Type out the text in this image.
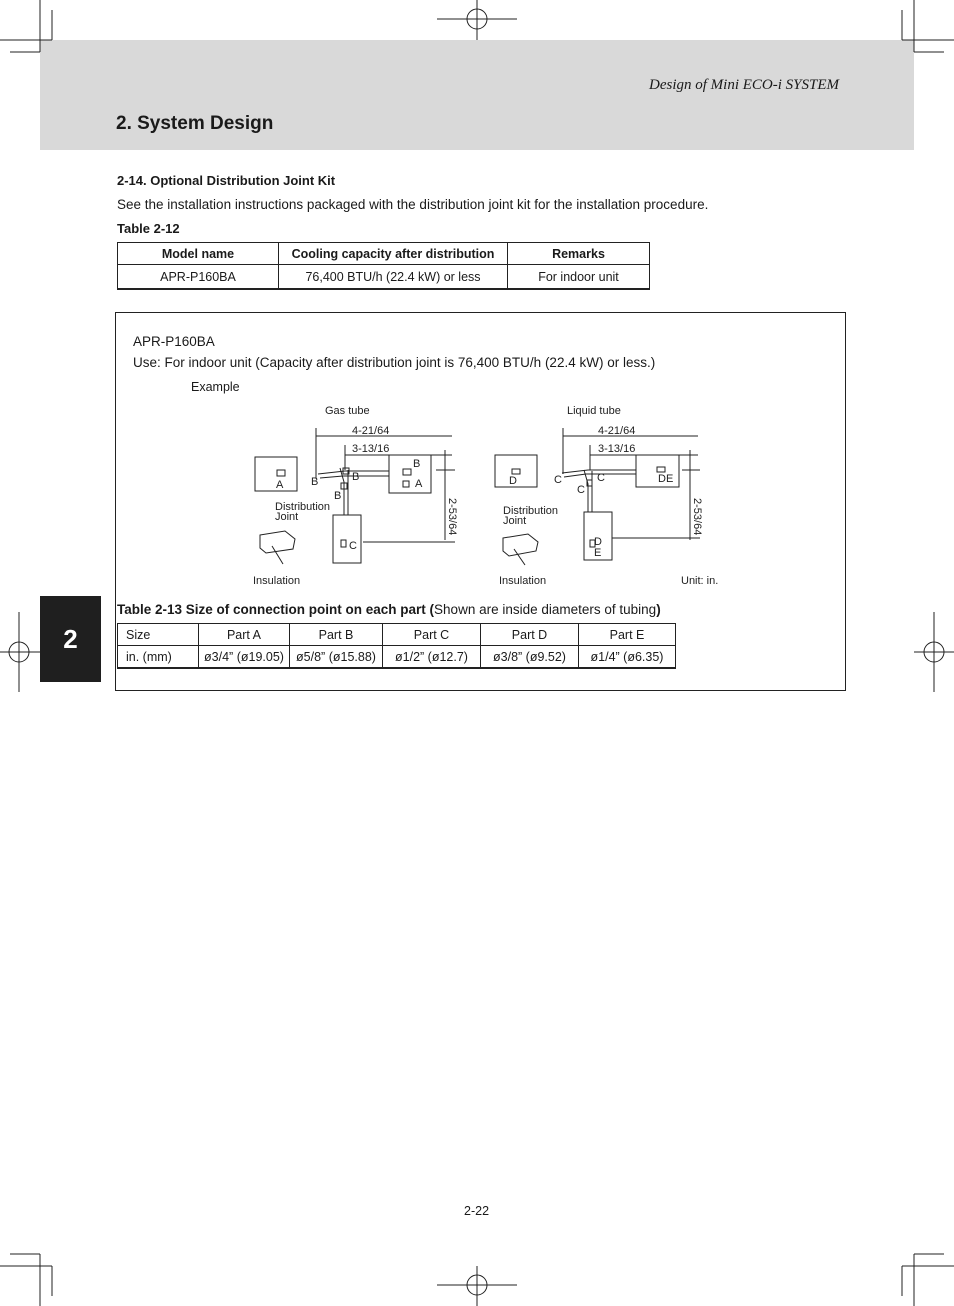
Design of Mini ECO-i SYSTEM
2. System Design
2-14. Optional Distribution Joint Kit
See the installation instructions packaged with the distribution joint kit for the installation procedure.
Table 2-12
Model name	Cooling capacity after distribution	Remarks
APR-P160BA	76,400 BTU/h (22.4 kW) or less	For indoor unit
APR-P160BA
Use: For indoor unit (Capacity after distribution joint is 76,400 BTU/h (22.4 kW) or less.)
Example
Gas tube
4-21/64
3-13/16
2-53/64
A	B	B
B
B
A
C
Distribution
Joint
Insulation
Liquid tube
4-21/64
3-13/16
2-53/64
D	C	C
C
DE
D
E
Distribution
Joint
Insulation	Unit: in.
Table 2-13 Size of connection point on each part (Shown are inside diameters of tubing)
Size	Part A	Part B	Part C	Part D	Part E
in. (mm)	ø3/4” (ø19.05)	ø5/8” (ø15.88)	ø1/2” (ø12.7)	ø3/8” (ø9.52)	ø1/4” (ø6.35)
2
2-22
